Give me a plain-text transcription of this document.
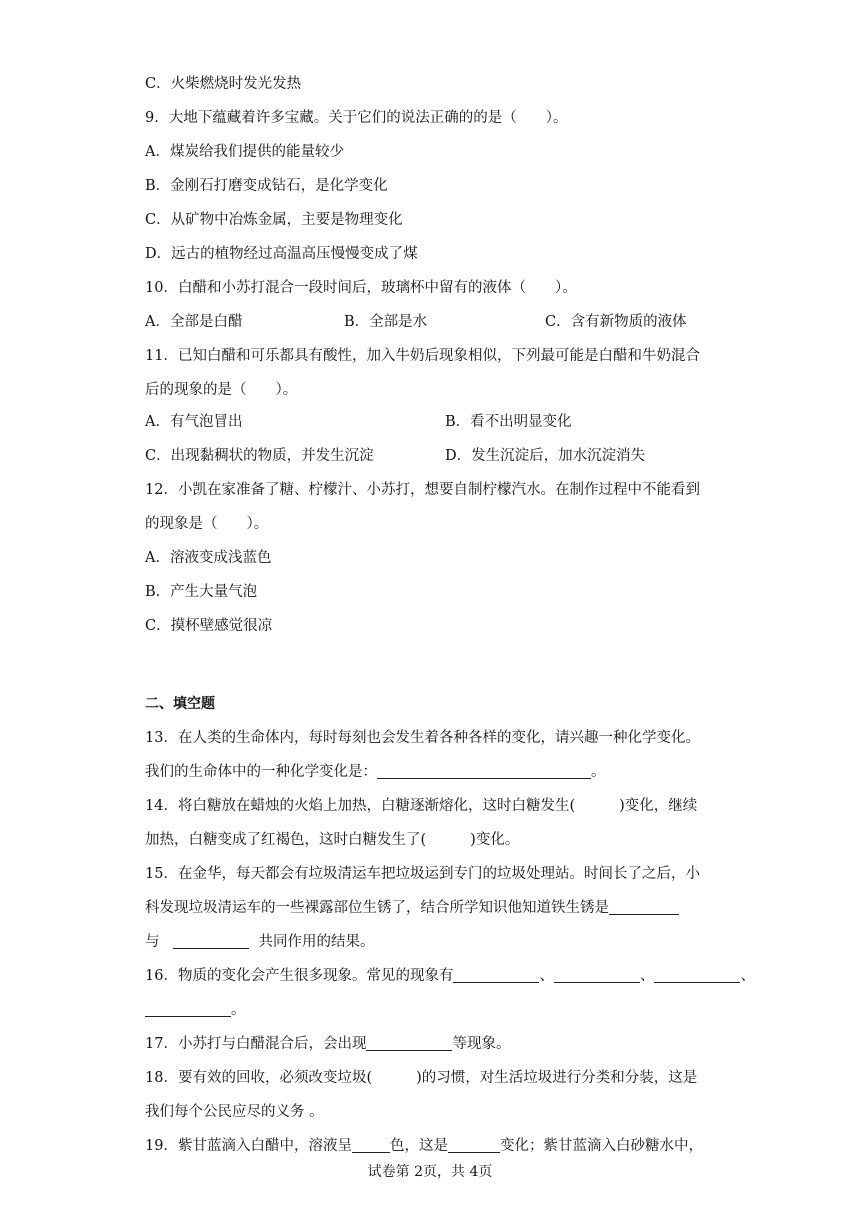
C．火柴燃烧时发光发热
9．大地下蕴藏着许多宝藏。关于它们的说法正确的的是（　　）。
A．煤炭给我们提供的能量较少
B．金刚石打磨变成钻石，是化学变化
C．从矿物中冶炼金属，主要是物理变化
D．远古的植物经过高温高压慢慢变成了煤
10．白醋和小苏打混合一段时间后，玻璃杯中留有的液体（　　）。
A．全部是白醋	B．全部是水	C．含有新物质的液体
11．已知白醋和可乐都具有酸性，加入牛奶后现象相似，下列最可能是白醋和牛奶混合
后的现象的是（　　）。
A．有气泡冒出	B．看不出明显变化
C．出现黏稠状的物质，并发生沉淀	D．发生沉淀后，加水沉淀消失
12．小凯在家准备了糖、柠檬汁、小苏打，想要自制柠檬汽水。在制作过程中不能看到
的现象是（　　）。
A．溶液变成浅蓝色
B．产生大量气泡
C．摸杯壁感觉很凉
二、填空题
13．在人类的生命体内，每时每刻也会发生着各种各样的变化，请兴趣一种化学变化。
我们的生命体中的一种化学变化是：	。
14．将白糖放在蜡烛的火焰上加热，白糖逐渐熔化，这时白糖发生(	)变化，继续
加热，白糖变成了红褐色，这时白糖发生了(	)变化。
15．在金华，每天都会有垃圾清运车把垃圾运到专门的垃圾处理站。时间长了之后，小
科发现垃圾清运车的一些裸露部位生锈了，结合所学知识他知道铁生锈是
与	共同作用的结果。
16．物质的变化会产生很多现象。常见的现象有	、	、	、
。
17．小苏打与白醋混合后，会出现	等现象。
18．要有效的回收，必须改变垃圾(	)的习惯，对生活垃圾进行分类和分装，这是
我们每个公民应尽的义务 。
19．紫甘蓝滴入白醋中，溶液呈	色，这是	变化；紫甘蓝滴入白砂糖水中，
试卷第 2页，共 4页
